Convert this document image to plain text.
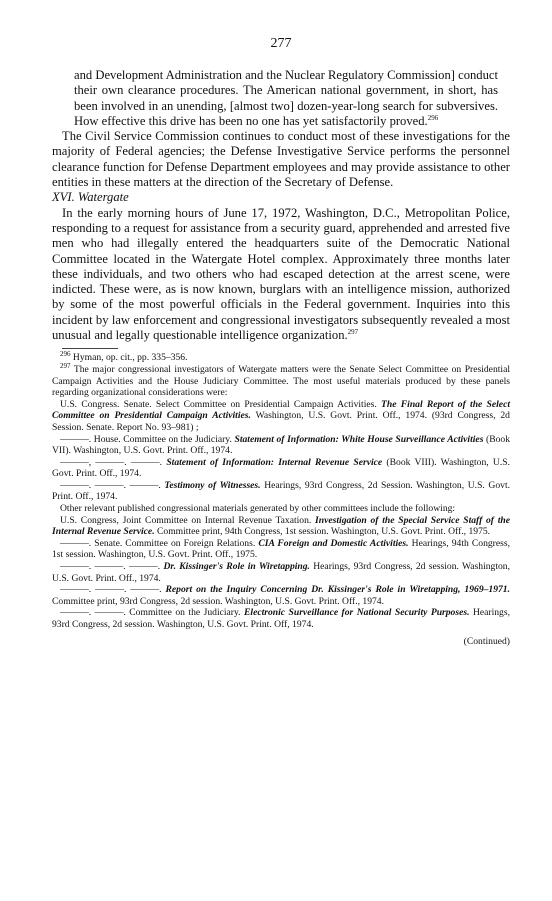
277

and Development Administration and the Nuclear Regulatory Commission] conduct their own clearance procedures. The American national government, in short, has been involved in an unending, [almost two] dozen-year-long search for subversives. How effective this drive has been no one has yet satisfactorily proved.$^{296}$

The Civil Service Commission continues to conduct most of these investigations for the majority of Federal agencies; the Defense Investigative Service performs the personnel clearance function for Defense Department employees and may provide assistance to other entities in these matters at the direction of the Secretary of Defense.

XVI. Watergate

In the early morning hours of June 17, 1972, Washington, D.C., Metropolitan Police, responding to a request for assistance from a security guard, apprehended and arrested five men who had illegally entered the headquarters suite of the Democratic National Committee located in the Watergate Hotel complex. Approximately three months later these individuals, and two others who had escaped detection at the arrest scene, were indicted. These were, as is now known, burglars with an intelligence mission, authorized by some of the most powerful officials in the Federal government. Inquiries into this incident by law enforcement and congressional investigators subsequently revealed a most unusual and legally questionable intelligence organization.$^{297}$

$^{296}$ Hyman, op. cit., pp. 335–356.

$^{297}$ The major congressional investigators of Watergate matters were the Senate Select Committee on Presidential Campaign Activities and the House Judiciary Committee. The most useful materials produced by these panels regarding organizational considerations were:

U.S. Congress. Senate. Select Committee on Presidential Campaign Activities. The Final Report of the Select Committee on Presidential Campaign Activities. Washington, U.S. Govt. Print. Off., 1974. (93rd Congress, 2d Session. Senate. Report No. 93–981) ;

———. House. Committee on the Judiciary. Statement of Information: White House Surveillance Activities (Book VII). Washington, U.S. Govt. Print. Off., 1974.

———, ———. ———. Statement of Information: Internal Revenue Service (Book VIII). Washington, U.S. Govt. Print. Off., 1974.

———. ———. ———. Testimony of Witnesses. Hearings, 93rd Congress, 2d Session. Washington, U.S. Govt. Print. Off., 1974.

Other relevant published congressional materials generated by other committees include the following:

U.S. Congress, Joint Committee on Internal Revenue Taxation. Investigation of the Special Service Staff of the Internal Revenue Service. Committee print, 94th Congress, 1st session. Washington, U.S. Govt. Print. Off., 1975.

———. Senate. Committee on Foreign Relations. CIA Foreign and Domestic Activities. Hearings, 94th Congress, 1st session. Washington, U.S. Govt. Print. Off., 1975.

———. ———. ———. Dr. Kissinger's Role in Wiretapping. Hearings, 93rd Congress, 2d session. Washington, U.S. Govt. Print. Off., 1974.

———. ———. ———. Report on the Inquiry Concerning Dr. Kissinger's Role in Wiretapping, 1969–1971. Committee print, 93rd Congress, 2d session. Washington, U.S. Govt. Print. Off., 1974.

———. ———. Committee on the Judiciary. Electronic Surveillance for National Security Purposes. Hearings, 93rd Congress, 2d session. Washington, U.S. Govt. Print. Off, 1974.

(Continued)
